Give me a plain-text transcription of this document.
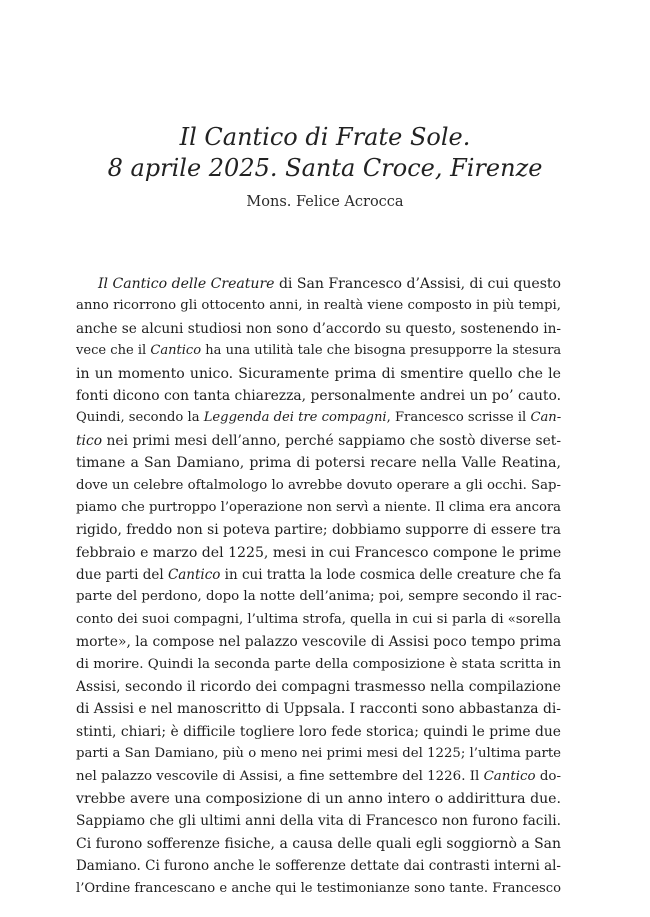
Il Cantico di Frate Sole.
8 aprile 2025. Santa Croce, Firenze
Mons. Felice Acrocca
Il Cantico delle Creature di San Francesco d’Assisi, di cui questo
anno ricorrono gli ottocento anni, in realtà viene composto in più tempi,
anche se alcuni studiosi non sono d’accordo su questo, sostenendo in-
vece che il Cantico ha una utilità tale che bisogna presupporre la stesura
in un momento unico. Sicuramente prima di smentire quello che le
fonti dicono con tanta chiarezza, personalmente andrei un po’ cauto.
Quindi, secondo la Leggenda dei tre compagni, Francesco scrisse il Can-
tico nei primi mesi dell’anno, perché sappiamo che sostò diverse set-
timane a San Damiano, prima di potersi recare nella Valle Reatina,
dove un celebre oftalmologo lo avrebbe dovuto operare a gli occhi. Sap-
piamo che purtroppo l’operazione non servì a niente. Il clima era ancora
rigido, freddo non si poteva partire; dobbiamo supporre di essere tra
febbraio e marzo del 1225, mesi in cui Francesco compone le prime
due parti del Cantico in cui tratta la lode cosmica delle creature che fa
parte del perdono, dopo la notte dell’anima; poi, sempre secondo il rac-
conto dei suoi compagni, l’ultima strofa, quella in cui si parla di «sorella
morte», la compose nel palazzo vescovile di Assisi poco tempo prima
di morire. Quindi la seconda parte della composizione è stata scritta in
Assisi, secondo il ricordo dei compagni trasmesso nella compilazione
di Assisi e nel manoscritto di Uppsala. I racconti sono abbastanza di-
stinti, chiari; è difficile togliere loro fede storica; quindi le prime due
parti a San Damiano, più o meno nei primi mesi del 1225; l’ultima parte
nel palazzo vescovile di Assisi, a fine settembre del 1226. Il Cantico do-
vrebbe avere una composizione di un anno intero o addirittura due.
Sappiamo che gli ultimi anni della vita di Francesco non furono facili.
Ci furono sofferenze fisiche, a causa delle quali egli soggiornò a San
Damiano. Ci furono anche le sofferenze dettate dai contrasti interni al-
l’Ordine francescano e anche qui le testimonianze sono tante. Francesco
